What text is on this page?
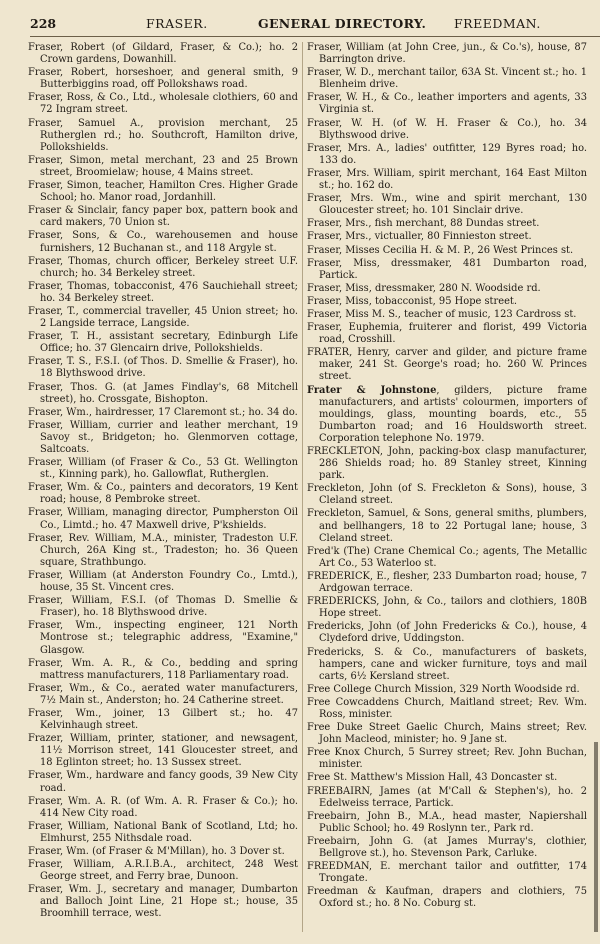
228	FRASER.	GENERAL DIRECTORY. FREEDMAN.

Fraser, Robert (of Gildard, Fraser, & Co.); ho. 2 Crown gardens, Dowanhill.

Fraser, Robert, horseshoer, and general smith, 9 Butterbiggins road, off Pollokshaws road.

Fraser, Ross, & Co., Ltd., wholesale clothiers, 60 and 72 Ingram street.

Fraser, Samuel A., provision merchant, 25 Rutherglen rd.; ho. Southcroft, Hamilton drive, Pollokshields.

Fraser, Simon, metal merchant, 23 and 25 Brown street, Broomielaw; house, 4 Mains street.

Fraser, Simon, teacher, Hamilton Cres. Higher Grade School; ho. Manor road, Jordanhill.

Fraser & Sinclair, fancy paper box, pattern book and card makers, 70 Union st.

Fraser, Sons, & Co., warehousemen and house furnishers, 12 Buchanan st., and 118 Argyle st.

Fraser, Thomas, church officer, Berkeley street U.F. church; ho. 34 Berkeley street.

Fraser, Thomas, tobacconist, 476 Sauchiehall street; ho. 34 Berkeley street.

Fraser, T., commercial traveller, 45 Union street; ho. 2 Langside terrace, Langside.

Fraser, T. H., assistant secretary, Edinburgh Life Office; ho. 37 Glencairn drive, Pollokshields.

Fraser, T. S., F.S.I. (of Thos. D. Smellie & Fraser), ho. 18 Blythswood drive.

Fraser, Thos. G. (at James Findlay's, 68 Mitchell street), ho. Crossgate, Bishopton.

Fraser, Wm., hairdresser, 17 Claremont st.; ho. 34 do.

Fraser, William, currier and leather merchant, 19 Savoy st., Bridgeton; ho. Glenmorven cottage, Saltcoats.

Fraser, William (of Fraser & Co., 53 Gt. Wellington st., Kinning park), ho. Gallowflat, Rutherglen.

Fraser, Wm. & Co., painters and decorators, 19 Kent road; house, 8 Pembroke street.

Fraser, William, managing director, Pumpherston Oil Co., Limtd.; ho. 47 Maxwell drive, P'kshields.

Fraser, Rev. William, M.A., minister, Tradeston U.F. Church, 26A King st., Tradeston; ho. 36 Queen square, Strathbungo.

Fraser, William (at Anderston Foundry Co., Lmtd.), house, 35 St. Vincent cres.

Fraser, William, F.S.I. (of Thomas D. Smellie & Fraser), ho. 18 Blythswood drive.

Fraser, Wm., inspecting engineer, 121 North Montrose st.; telegraphic address, "Examine," Glasgow.

Fraser, Wm. A. R., & Co., bedding and spring mattress manufacturers, 118 Parliamentary road.

Fraser, Wm., & Co., aerated water manufacturers, 7½ Main st., Anderston; ho. 24 Catherine street.

Fraser, Wm., joiner, 13 Gilbert st.; ho. 47 Kelvinhaugh street.

Frazer, William, printer, stationer, and newsagent, 11½ Morrison street, 141 Gloucester street, and 18 Eglinton street; ho. 13 Sussex street.

Fraser, Wm., hardware and fancy goods, 39 New City road.

Fraser, Wm. A. R. (of Wm. A. R. Fraser & Co.); ho. 414 New City road.

Fraser, William, National Bank of Scotland, Ltd; ho. Elmhurst, 255 Nithsdale road.

Fraser, Wm. (of Fraser & M'Millan), ho. 3 Dover st.

Fraser, William, A.R.I.B.A., architect, 248 West George street, and Ferry brae, Dunoon.

Fraser, Wm. J., secretary and manager, Dumbarton and Balloch Joint Line, 21 Hope st.; house, 35 Broomhill terrace, west.

Fraser, William (at John Cree, jun., & Co.'s), house, 87 Barrington drive.

Fraser, W. D., merchant tailor, 63A St. Vincent st.; ho. 1 Blenheim drive.

Fraser, W. H., & Co., leather importers and agents, 33 Virginia st.

Fraser, W. H. (of W. H. Fraser & Co.), ho. 34 Blythswood drive.

Fraser, Mrs. A., ladies' outfitter, 129 Byres road; ho. 133 do.

Fraser, Mrs. William, spirit merchant, 164 East Milton st.; ho. 162 do.

Fraser, Mrs. Wm., wine and spirit merchant, 130 Gloucester street; ho. 101 Sinclair drive.

Fraser, Mrs., fish merchant, 88 Dundas street.

Fraser, Mrs., victualler, 80 Finnieston street.

Fraser, Misses Cecilia H. & M. P., 26 West Princes st.

Fraser, Miss, dressmaker, 481 Dumbarton road, Partick.

Fraser, Miss, dressmaker, 280 N. Woodside rd.

Fraser, Miss, tobacconist, 95 Hope street.

Fraser, Miss M. S., teacher of music, 123 Cardross st.

Fraser, Euphemia, fruiterer and florist, 499 Victoria road, Crosshill.

FRATER, Henry, carver and gilder, and picture frame maker, 241 St. George's road; ho. 260 W. Princes street.

Frater & Johnstone, gilders, picture frame manufacturers, and artists' colourmen, importers of mouldings, glass, mounting boards, etc., 55 Dumbarton road; and 16 Houldsworth street. Corporation telephone No. 1979.

FRECKLETON, John, packing-box clasp manufacturer, 286 Shields road; ho. 89 Stanley street, Kinning park.

Freckleton, John (of S. Freckleton & Sons), house, 3 Cleland street.

Freckleton, Samuel, & Sons, general smiths, plumbers, and bellhangers, 18 to 22 Portugal lane; house, 3 Cleland street.

Fred'k (The) Crane Chemical Co.; agents, The Metallic Art Co., 53 Waterloo st.

FREDERICK, E., flesher, 233 Dumbarton road; house, 7 Ardgowan terrace.

FREDERICKS, John, & Co., tailors and clothiers, 180B Hope street.

Fredericks, John (of John Fredericks & Co.), house, 4 Clydeford drive, Uddingston.

Fredericks, S. & Co., manufacturers of baskets, hampers, cane and wicker furniture, toys and mail carts, 6½ Kersland street.

Free College Church Mission, 329 North Woodside rd.

Free Cowcaddens Church, Maitland street; Rev. Wm. Ross, minister.

Free Duke Street Gaelic Church, Mains street; Rev. John Macleod, minister; ho. 9 Jane st.

Free Knox Church, 5 Surrey street; Rev. John Buchan, minister.

Free St. Matthew's Mission Hall, 43 Doncaster st.

FREEBAIRN, James (at M'Call & Stephen's), ho. 2 Edelweiss terrace, Partick.

Freebairn, John B., M.A., head master, Napiershall Public School; ho. 49 Roslynn ter., Park rd.

Freebairn, John G. (at James Murray's, clothier, Bellgrove st.), ho. Stevenson Park, Carluke.

FREEDMAN, E. merchant tailor and outfitter, 174 Trongate.

Freedman & Kaufman, drapers and clothiers, 75 Oxford st.; ho. 8 No. Coburg st.
